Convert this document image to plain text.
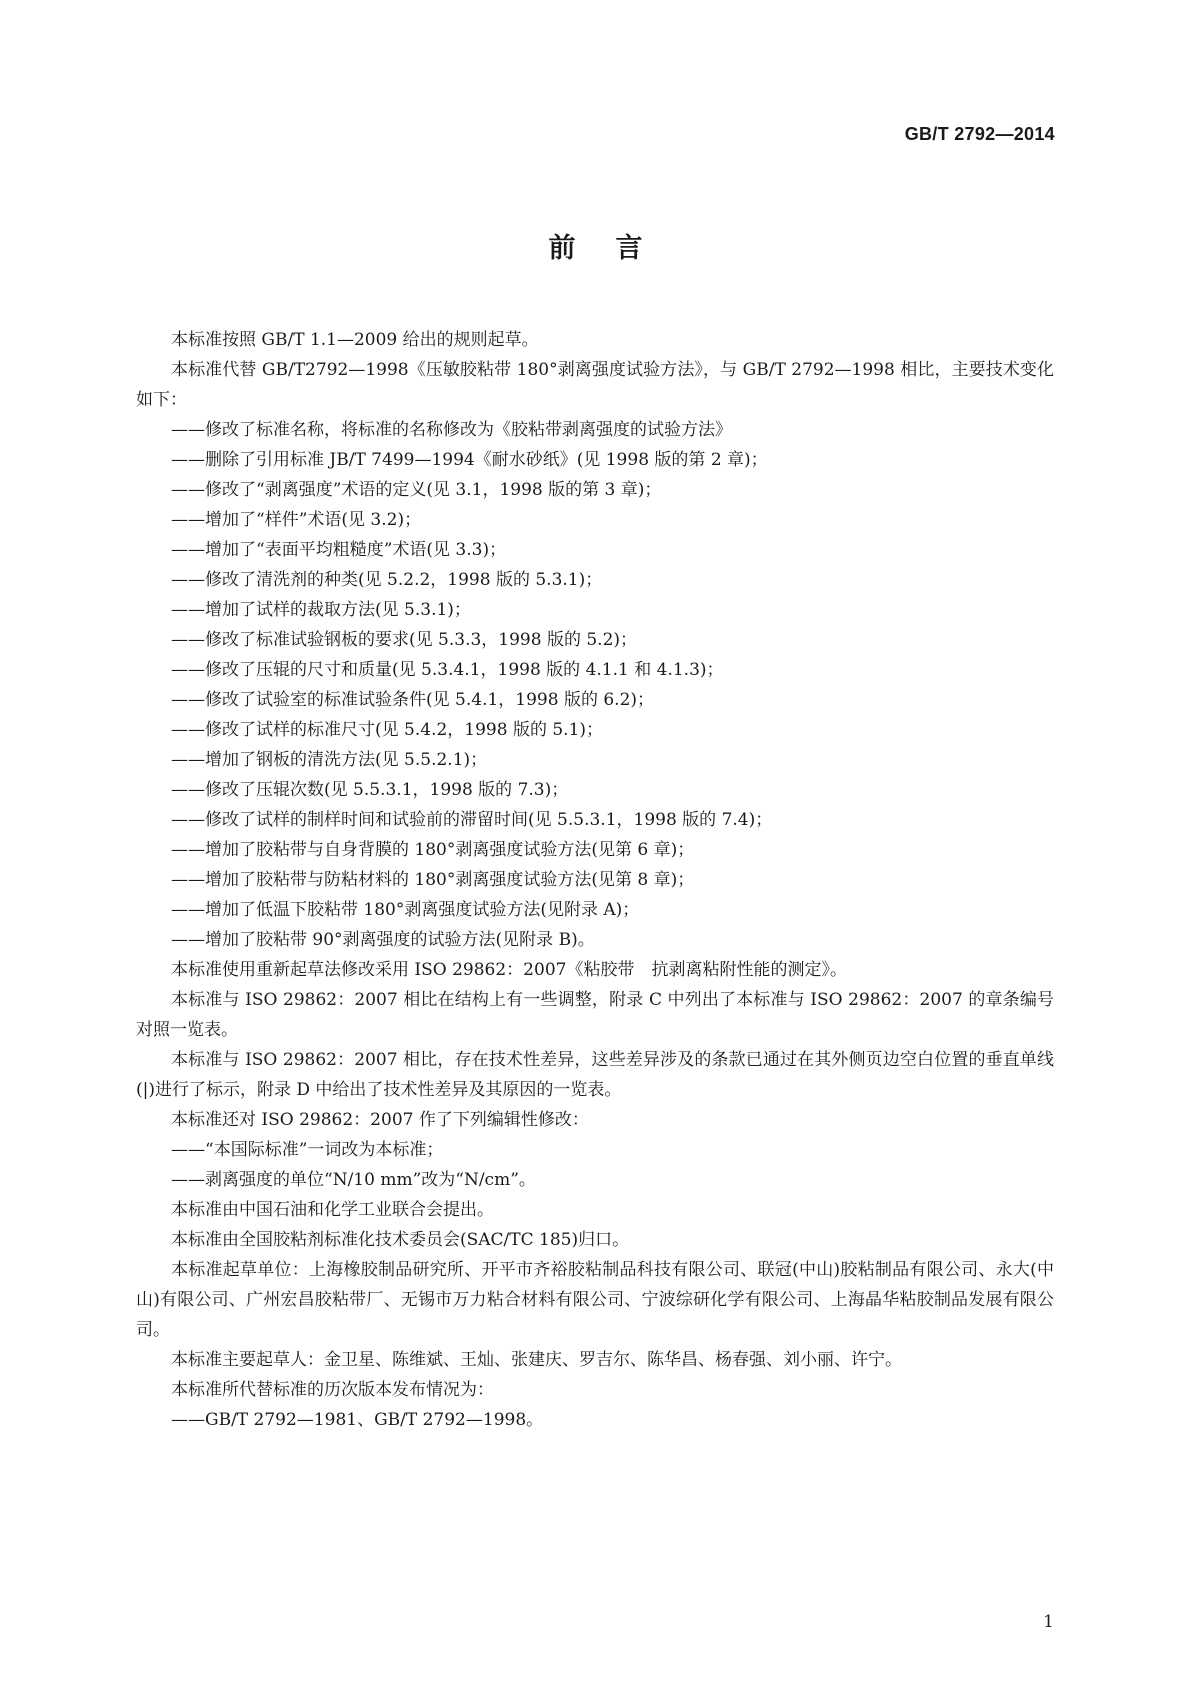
GB/T 2792—2014
前言

本标准按照 GB/T 1.1—2009 给出的规则起草。

本标准代替 GB/T2792—1998《压敏胶粘带 180°剥离强度试验方法》，与 GB/T 2792—1998 相比，主要技术变化如下：

——修改了标准名称，将标准的名称修改为《胶粘带剥离强度的试验方法》

——删除了引用标准 JB/T 7499—1994《耐水砂纸》(见 1998 版的第 2 章)；

——修改了“剥离强度”术语的定义(见 3.1，1998 版的第 3 章)；

——增加了“样件”术语(见 3.2)；

——增加了“表面平均粗糙度”术语(见 3.3)；

——修改了清洗剂的种类(见 5.2.2，1998 版的 5.3.1)；

——增加了试样的裁取方法(见 5.3.1)；

——修改了标准试验钢板的要求(见 5.3.3，1998 版的 5.2)；

——修改了压辊的尺寸和质量(见 5.3.4.1，1998 版的 4.1.1 和 4.1.3)；

——修改了试验室的标准试验条件(见 5.4.1，1998 版的 6.2)；

——修改了试样的标准尺寸(见 5.4.2，1998 版的 5.1)；

——增加了钢板的清洗方法(见 5.5.2.1)；

——修改了压辊次数(见 5.5.3.1，1998 版的 7.3)；

——修改了试样的制样时间和试验前的滞留时间(见 5.5.3.1，1998 版的 7.4)；

——增加了胶粘带与自身背膜的 180°剥离强度试验方法(见第 6 章)；

——增加了胶粘带与防粘材料的 180°剥离强度试验方法(见第 8 章)；

——增加了低温下胶粘带 180°剥离强度试验方法(见附录 A)；

——增加了胶粘带 90°剥离强度的试验方法(见附录 B)。

本标准使用重新起草法修改采用 ISO 29862：2007《粘胶带　抗剥离粘附性能的测定》。

本标准与 ISO 29862：2007 相比在结构上有一些调整，附录 C 中列出了本标准与 ISO 29862：2007 的章条编号对照一览表。

本标准与 ISO 29862：2007 相比，存在技术性差异，这些差异涉及的条款已通过在其外侧页边空白位置的垂直单线(|)进行了标示，附录 D 中给出了技术性差异及其原因的一览表。

本标准还对 ISO 29862：2007 作了下列编辑性修改：

——“本国际标准”一词改为本标准；

——剥离强度的单位“N/10 mm”改为“N/cm”。

本标准由中国石油和化学工业联合会提出。

本标准由全国胶粘剂标准化技术委员会(SAC/TC 185)归口。

本标准起草单位：上海橡胶制品研究所、开平市齐裕胶粘制品科技有限公司、联冠(中山)胶粘制品有限公司、永大(中山)有限公司、广州宏昌胶粘带厂、无锡市万力粘合材料有限公司、宁波综研化学有限公司、上海晶华粘胶制品发展有限公司。

本标准主要起草人：金卫星、陈维斌、王灿、张建庆、罗吉尔、陈华昌、杨春强、刘小丽、许宁。

本标准所代替标准的历次版本发布情况为：

——GB/T 2792—1981、GB/T 2792—1998。

1
